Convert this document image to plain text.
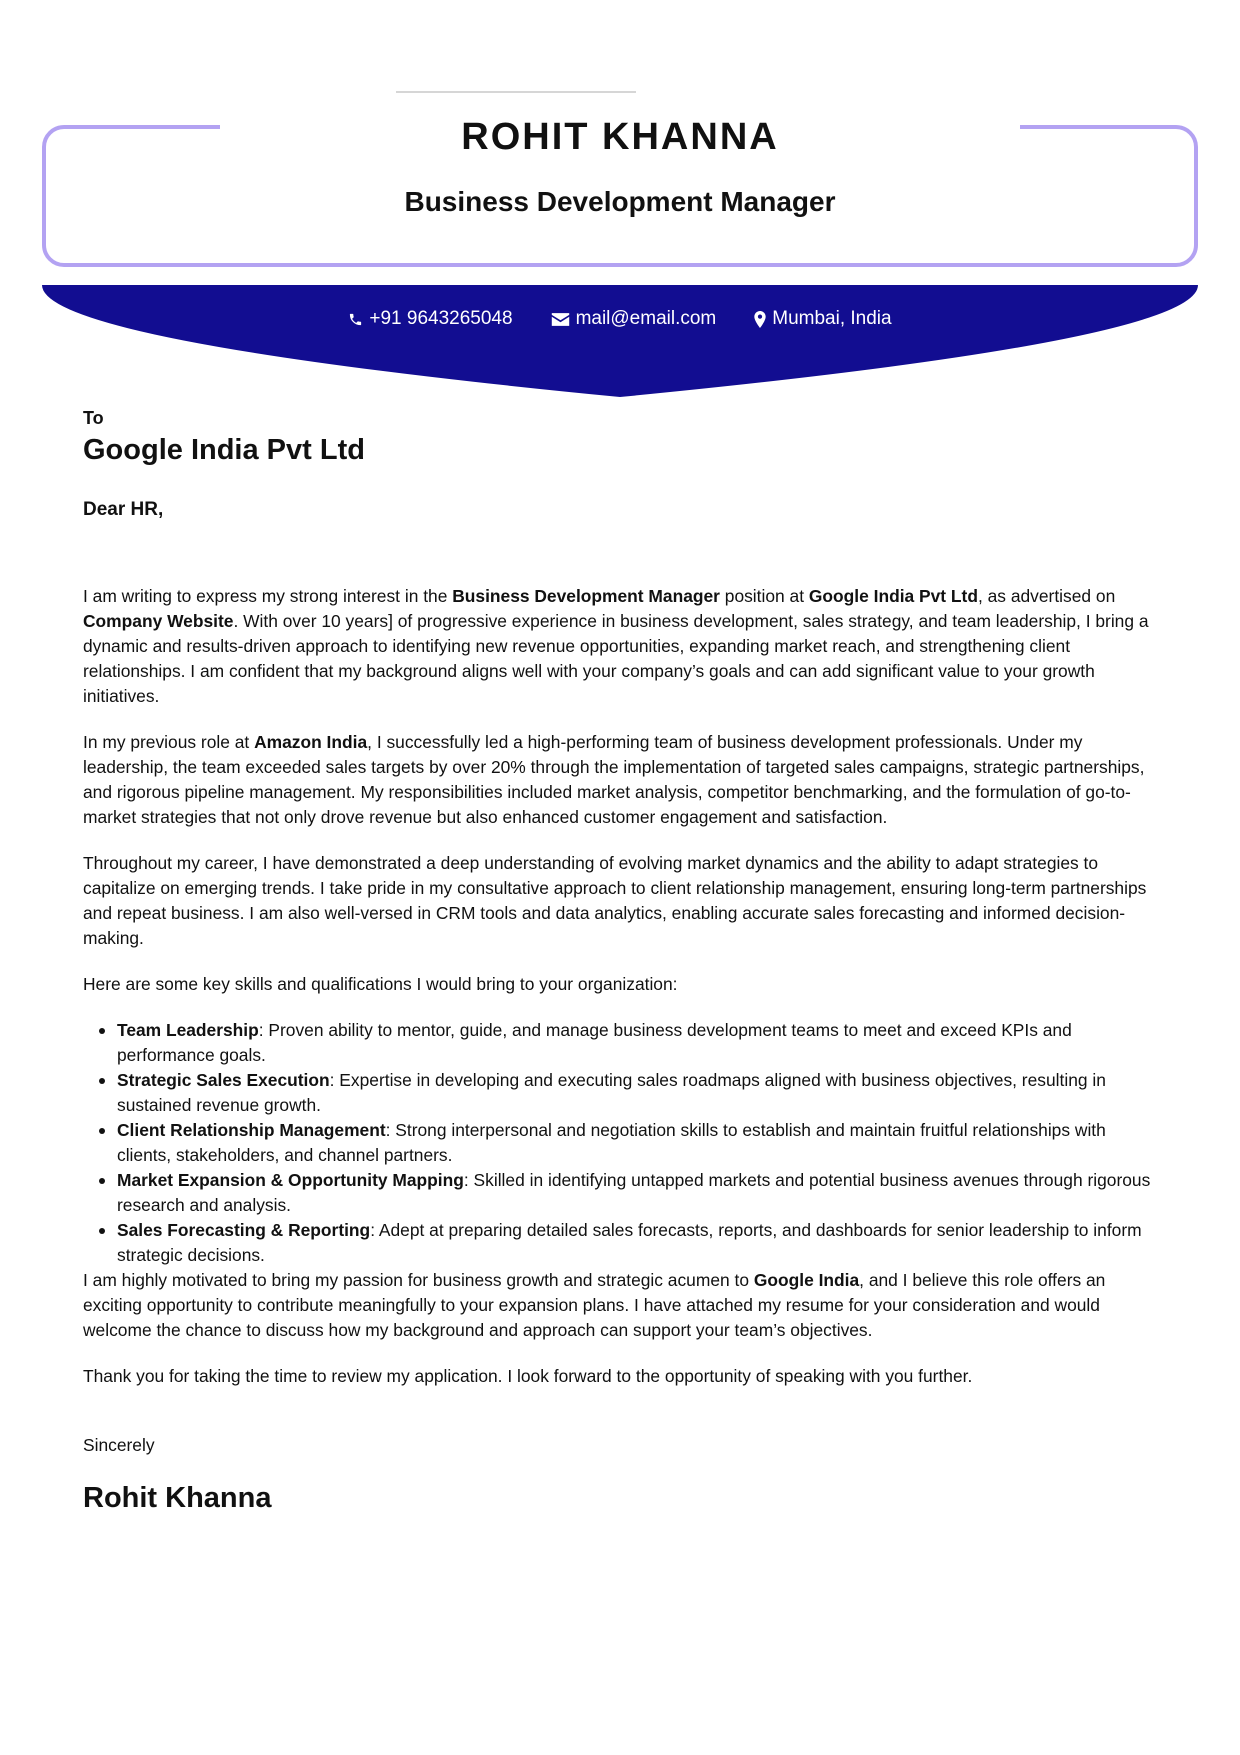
ROHIT KHANNA
Business Development Manager
+91 9643265048	mail@email.com	Mumbai, India
To
Google India Pvt Ltd
Dear HR,

I am writing to express my strong interest in the Business Development Manager position at Google India Pvt Ltd, as advertised on Company Website. With over 10 years] of progressive experience in business development, sales strategy, and team leadership, I bring a dynamic and results-driven approach to identifying new revenue opportunities, expanding market reach, and strengthening client relationships. I am confident that my background aligns well with your company’s goals and can add significant value to your growth initiatives.

In my previous role at Amazon India, I successfully led a high-performing team of business development professionals. Under my leadership, the team exceeded sales targets by over 20% through the implementation of targeted sales campaigns, strategic partnerships, and rigorous pipeline management. My responsibilities included market analysis, competitor benchmarking, and the formulation of go-to-market strategies that not only drove revenue but also enhanced customer engagement and satisfaction.

Throughout my career, I have demonstrated a deep understanding of evolving market dynamics and the ability to adapt strategies to capitalize on emerging trends. I take pride in my consultative approach to client relationship management, ensuring long-term partnerships and repeat business. I am also well-versed in CRM tools and data analytics, enabling accurate sales forecasting and informed decision-making.

Here are some key skills and qualifications I would bring to your organization:

• Team Leadership: Proven ability to mentor, guide, and manage business development teams to meet and exceed KPIs and performance goals.
• Strategic Sales Execution: Expertise in developing and executing sales roadmaps aligned with business objectives, resulting in sustained revenue growth.
• Client Relationship Management: Strong interpersonal and negotiation skills to establish and maintain fruitful relationships with clients, stakeholders, and channel partners.
• Market Expansion & Opportunity Mapping: Skilled in identifying untapped markets and potential business avenues through rigorous research and analysis.
• Sales Forecasting & Reporting: Adept at preparing detailed sales forecasts, reports, and dashboards for senior leadership to inform strategic decisions.

I am highly motivated to bring my passion for business growth and strategic acumen to Google India, and I believe this role offers an exciting opportunity to contribute meaningfully to your expansion plans. I have attached my resume for your consideration and would welcome the chance to discuss how my background and approach can support your team’s objectives.

Thank you for taking the time to review my application. I look forward to the opportunity of speaking with you further.

Sincerely
Rohit Khanna
